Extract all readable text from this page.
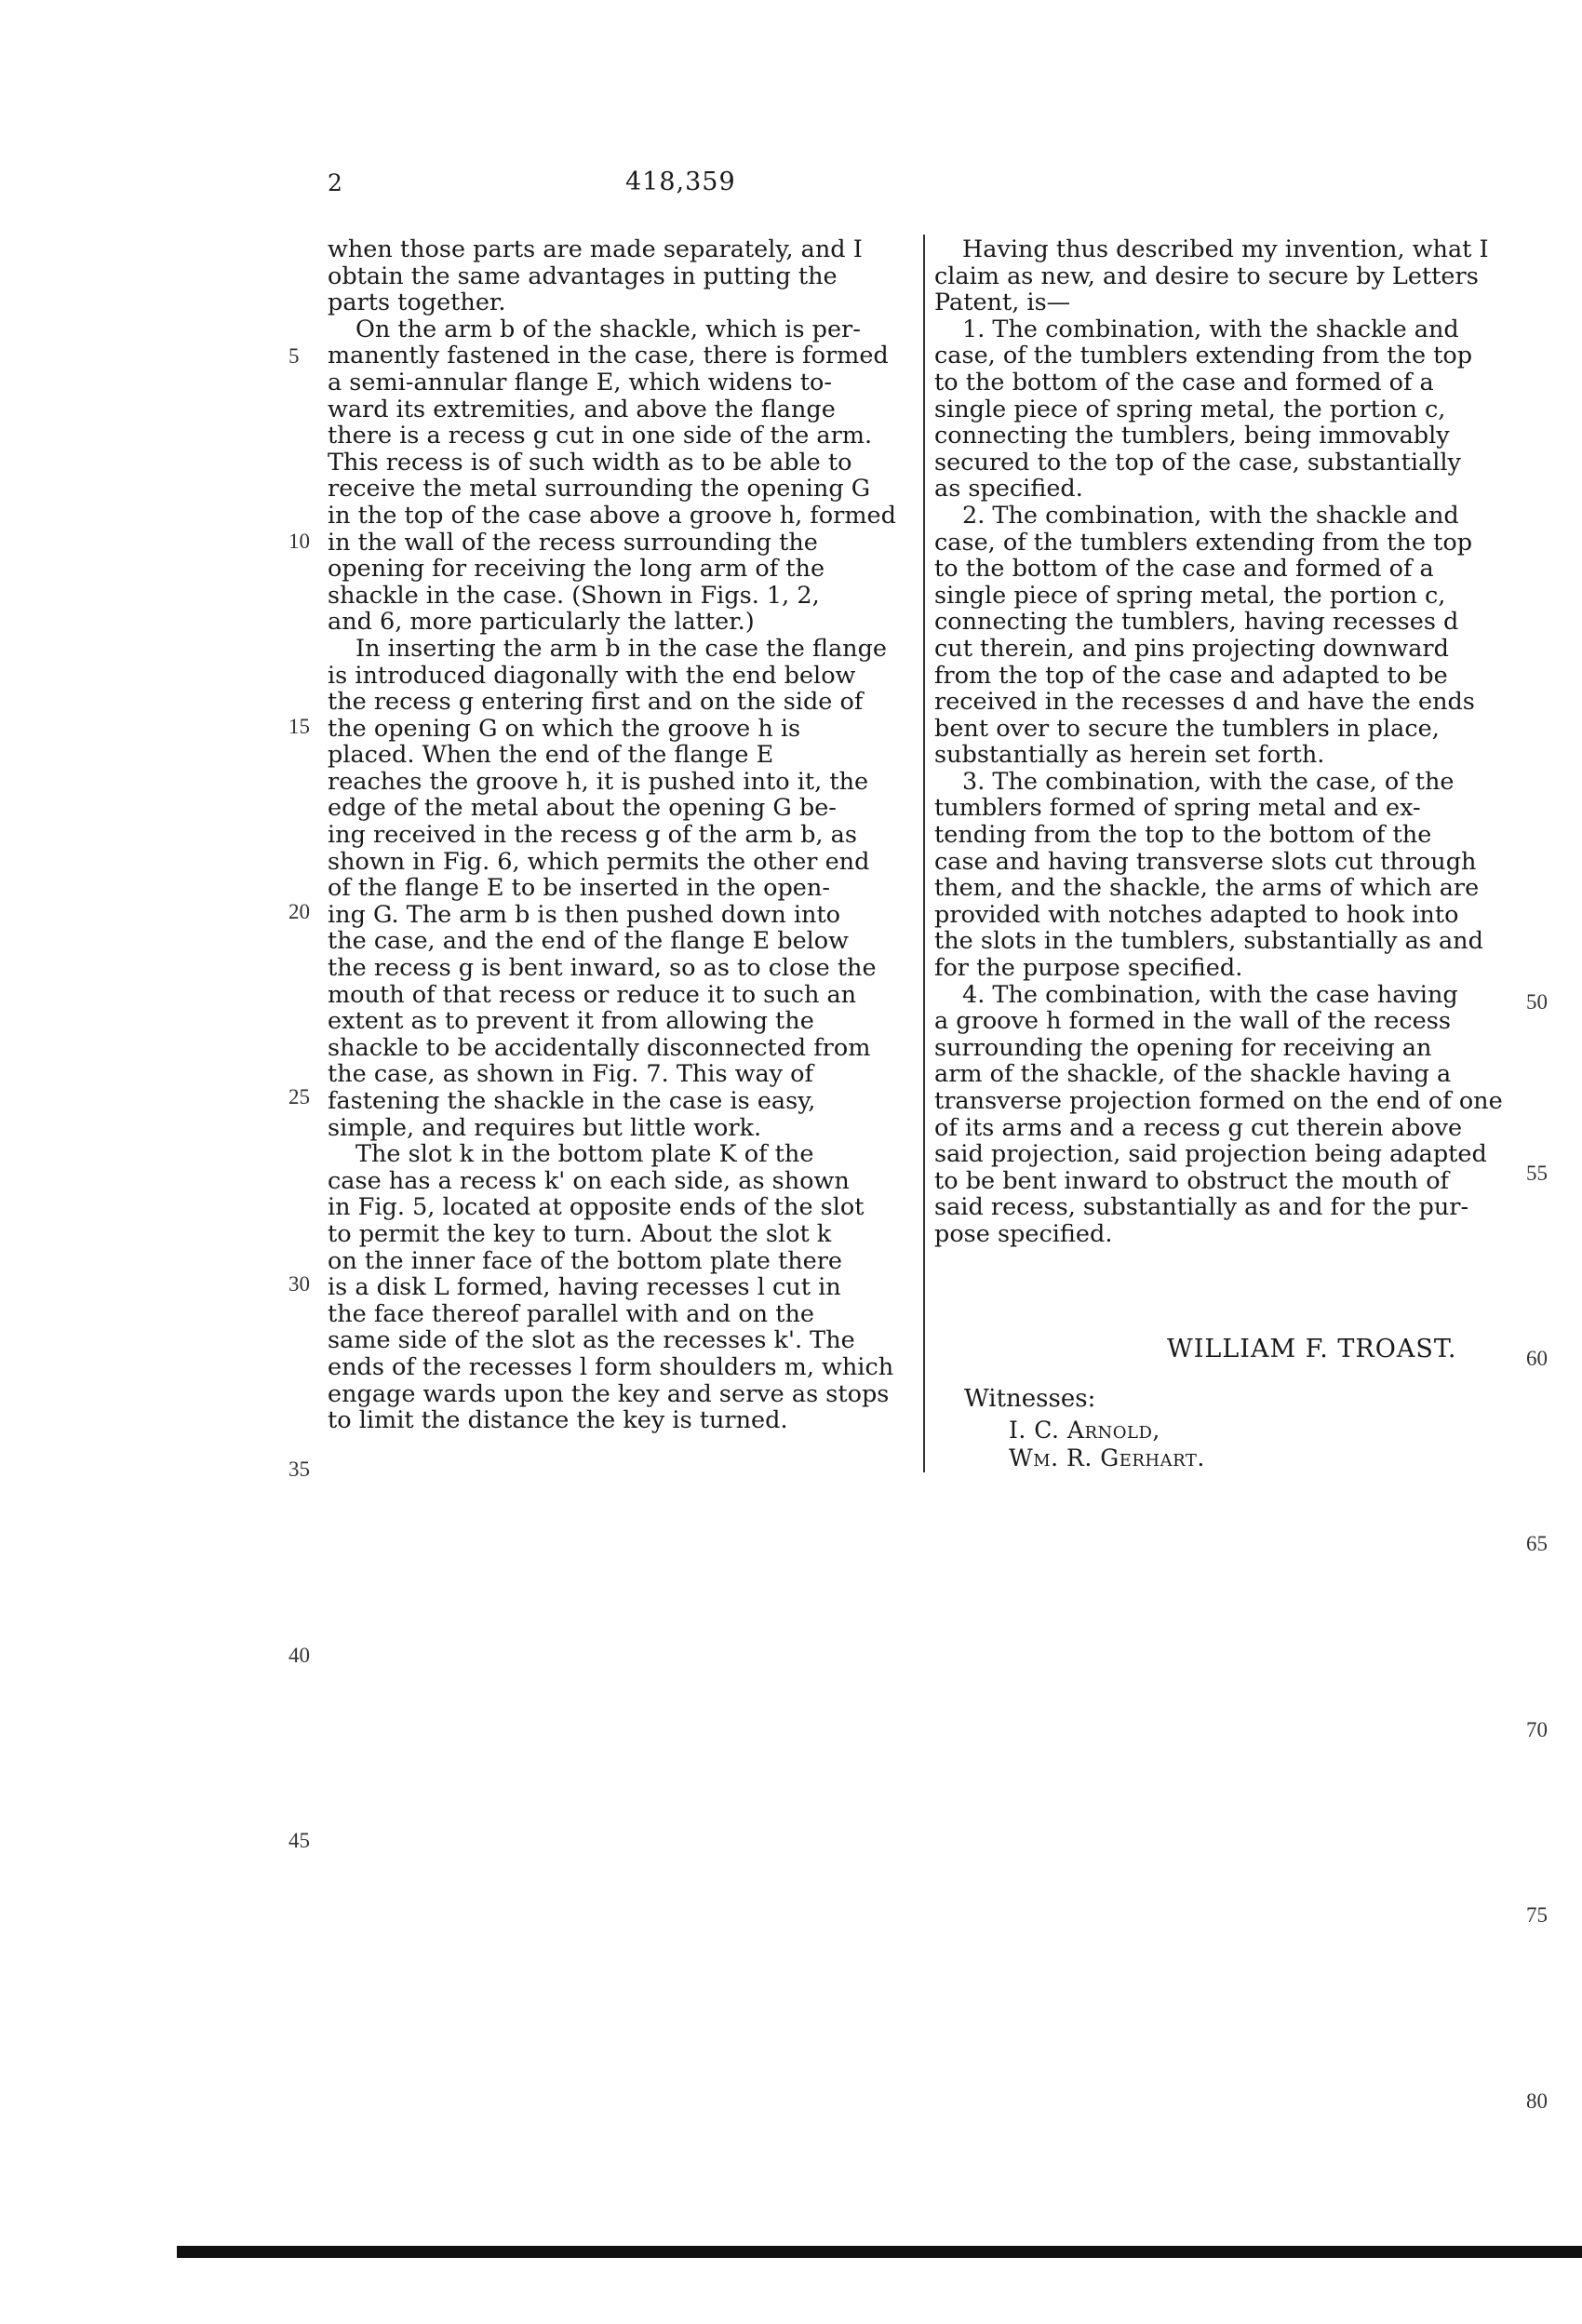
2	418,359
when those parts are made separately, and I
obtain the same advantages in putting the
parts together.
On the arm b of the shackle, which is per-
manently fastened in the case, there is formed
a semi-annular flange E, which widens to-
ward its extremities, and above the flange
there is a recess g cut in one side of the arm.
This recess is of such width as to be able to
receive the metal surrounding the opening G
in the top of the case above a groove h, formed
in the wall of the recess surrounding the
opening for receiving the long arm of the
shackle in the case. (Shown in Figs. 1, 2,
and 6, more particularly the latter.)
In inserting the arm b in the case the flange
is introduced diagonally with the end below
the recess g entering first and on the side of
the opening G on which the groove h is
placed. When the end of the flange E
reaches the groove h, it is pushed into it, the
edge of the metal about the opening G be-
ing received in the recess g of the arm b, as
shown in Fig. 6, which permits the other end
of the flange E to be inserted in the open-
ing G. The arm b is then pushed down into
the case, and the end of the flange E below
the recess g is bent inward, so as to close the
mouth of that recess or reduce it to such an
extent as to prevent it from allowing the
shackle to be accidentally disconnected from
the case, as shown in Fig. 7. This way of
fastening the shackle in the case is easy,
simple, and requires but little work.
The slot k in the bottom plate K of the
case has a recess k' on each side, as shown
in Fig. 5, located at opposite ends of the slot
to permit the key to turn. About the slot k
on the inner face of the bottom plate there
is a disk L formed, having recesses l cut in
the face thereof parallel with and on the
same side of the slot as the recesses k'. The
ends of the recesses l form shoulders m, which
engage wards upon the key and serve as stops
to limit the distance the key is turned.
Having thus described my invention, what I
claim as new, and desire to secure by Letters
Patent, is—
1. The combination, with the shackle and
case, of the tumblers extending from the top
to the bottom of the case and formed of a
single piece of spring metal, the portion c,
connecting the tumblers, being immovably
secured to the top of the case, substantially
as specified.
2. The combination, with the shackle and
case, of the tumblers extending from the top
to the bottom of the case and formed of a
single piece of spring metal, the portion c,
connecting the tumblers, having recesses d
cut therein, and pins projecting downward
from the top of the case and adapted to be
received in the recesses d and have the ends
bent over to secure the tumblers in place,
substantially as herein set forth.
3. The combination, with the case, of the
tumblers formed of spring metal and ex-
tending from the top to the bottom of the
case and having transverse slots cut through
them, and the shackle, the arms of which are
provided with notches adapted to hook into
the slots in the tumblers, substantially as and
for the purpose specified.
4. The combination, with the case having
a groove h formed in the wall of the recess
surrounding the opening for receiving an
arm of the shackle, of the shackle having a
transverse projection formed on the end of one
of its arms and a recess g cut therein above
said projection, said projection being adapted
to be bent inward to obstruct the mouth of
said recess, substantially as and for the pur-
pose specified.
5
10
15
20
25
30
35
40
45
50
55
60
65
70
75
80
WILLIAM F. TROAST.
Witnesses:
I. C. Arnold,
Wm. R. Gerhart.
